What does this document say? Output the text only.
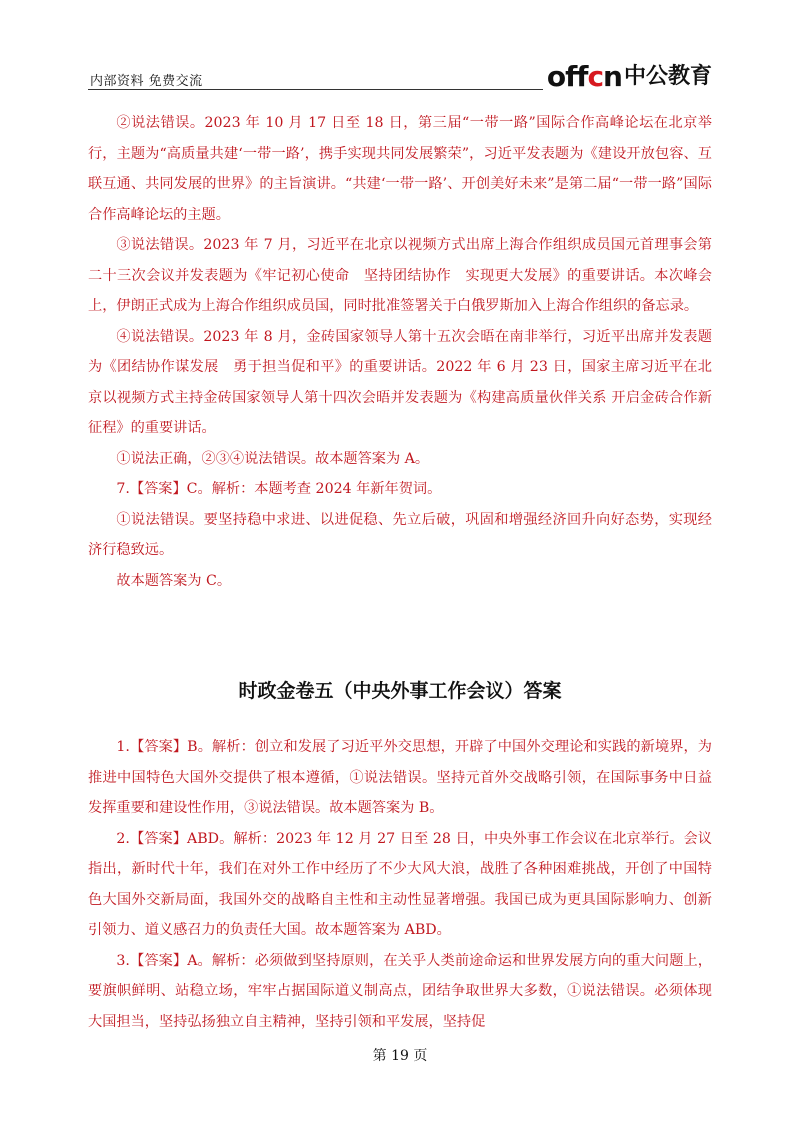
内部资料 免费交流	offcn 中公教育

②说法错误。2023 年 10 月 17 日至 18 日，第三届“一带一路”国际合作高峰论坛在北京举行，主题为“高质量共建‘一带一路’，携手实现共同发展繁荣”，习近平发表题为《建设开放包容、互联互通、共同发展的世界》的主旨演讲。“共建‘一带一路’、开创美好未来”是第二届“一带一路”国际合作高峰论坛的主题。

③说法错误。2023 年 7 月，习近平在北京以视频方式出席上海合作组织成员国元首理事会第二十三次会议并发表题为《牢记初心使命　坚持团结协作　实现更大发展》的重要讲话。本次峰会上，伊朗正式成为上海合作组织成员国，同时批准签署关于白俄罗斯加入上海合作组织的备忘录。

④说法错误。2023 年 8 月，金砖国家领导人第十五次会晤在南非举行，习近平出席并发表题为《团结协作谋发展　勇于担当促和平》的重要讲话。2022 年 6 月 23 日，国家主席习近平在北京以视频方式主持金砖国家领导人第十四次会晤并发表题为《构建高质量伙伴关系 开启金砖合作新征程》的重要讲话。

①说法正确，②③④说法错误。故本题答案为 A。

7.【答案】C。解析：本题考查 2024 年新年贺词。

①说法错误。要坚持稳中求进、以进促稳、先立后破，巩固和增强经济回升向好态势，实现经济行稳致远。

故本题答案为 C。

时政金卷五（中央外事工作会议）答案

1.【答案】B。解析：创立和发展了习近平外交思想，开辟了中国外交理论和实践的新境界，为推进中国特色大国外交提供了根本遵循，①说法错误。坚持元首外交战略引领，在国际事务中日益发挥重要和建设性作用，③说法错误。故本题答案为 B。

2.【答案】ABD。解析：2023 年 12 月 27 日至 28 日，中央外事工作会议在北京举行。会议指出，新时代十年，我们在对外工作中经历了不少大风大浪，战胜了各种困难挑战，开创了中国特色大国外交新局面，我国外交的战略自主性和主动性显著增强。我国已成为更具国际影响力、创新引领力、道义感召力的负责任大国。故本题答案为 ABD。

3.【答案】A。解析：必须做到坚持原则，在关乎人类前途命运和世界发展方向的重大问题上，要旗帜鲜明、站稳立场，牢牢占据国际道义制高点，团结争取世界大多数，①说法错误。必须体现大国担当，坚持弘扬独立自主精神，坚持引领和平发展，坚持促

第 19 页
